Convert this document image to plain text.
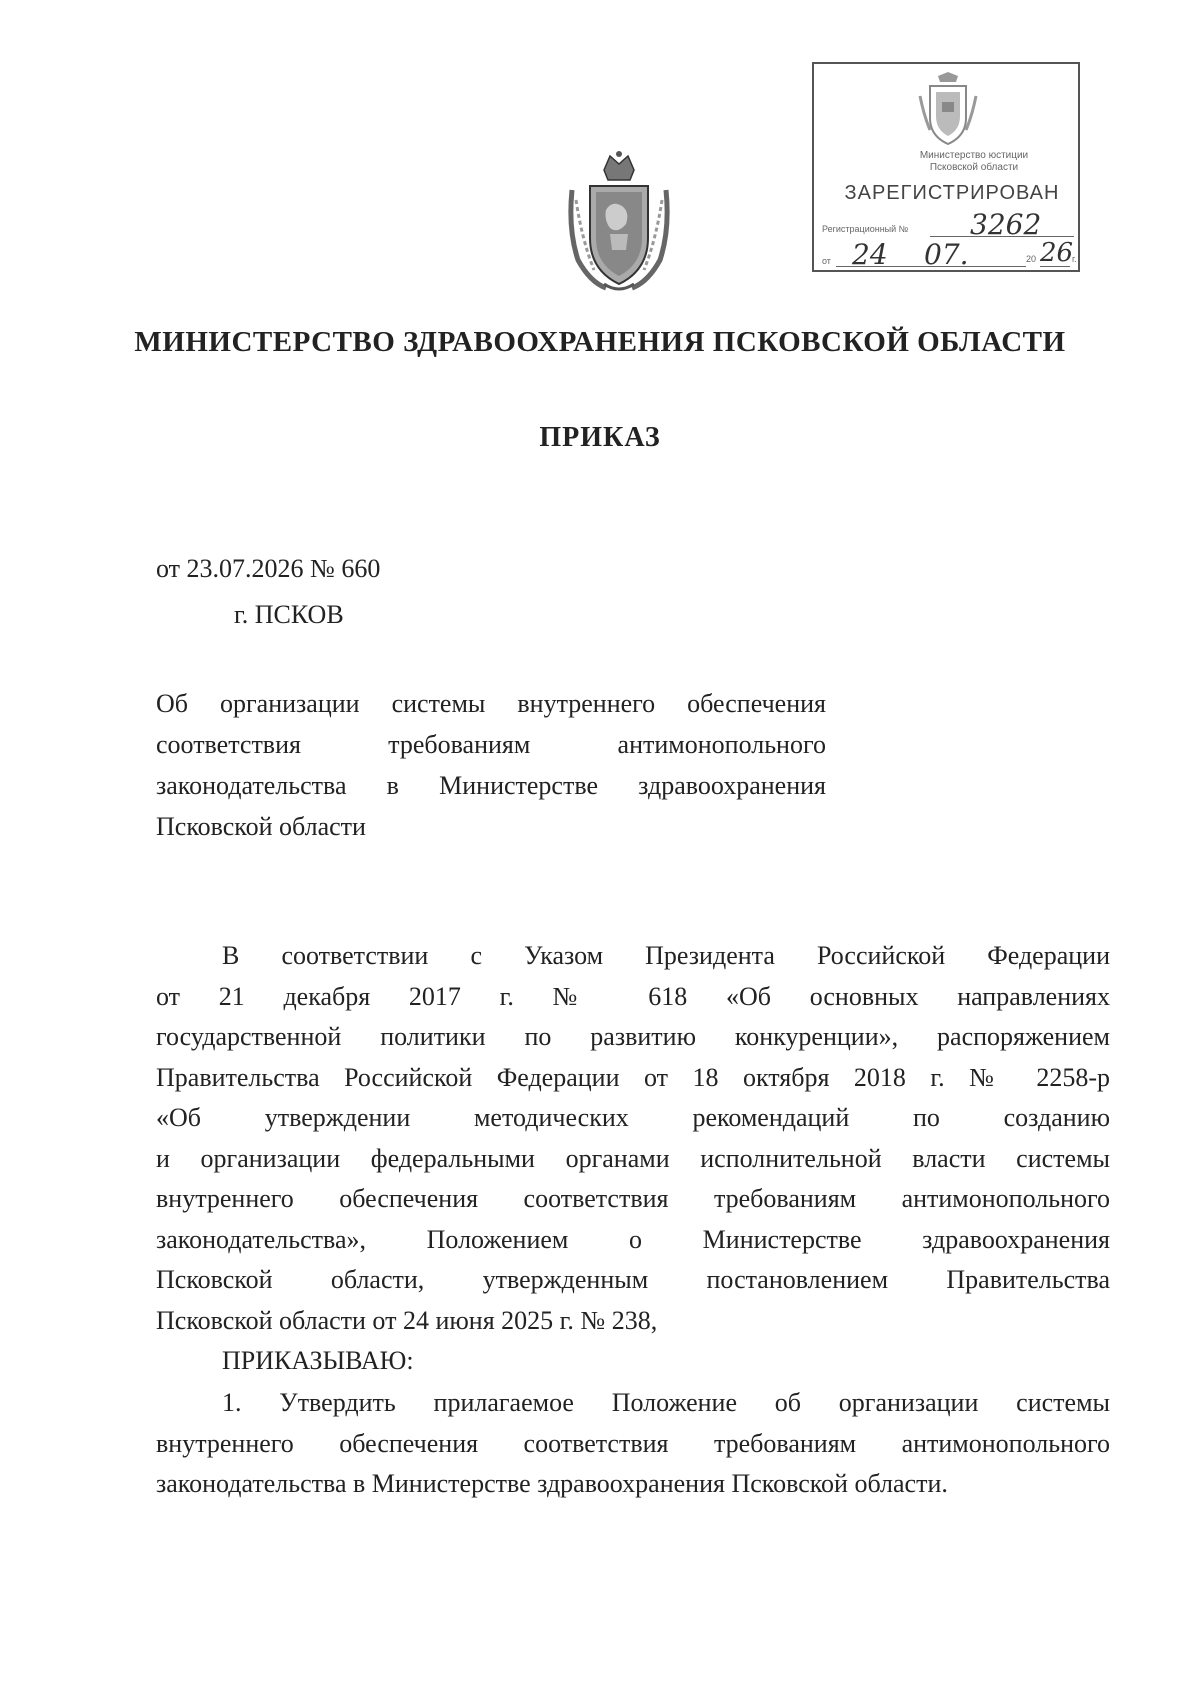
Министерство юстиции
Псковской области
ЗАРЕГИСТРИРОВАН
Регистрационный № 3262
от 24 07.	20 26
г.
МИНИСТЕРСТВО ЗДРАВООХРАНЕНИЯ ПСКОВСКОЙ ОБЛАСТИ
ПРИКАЗ
от 23.07.2026 № 660
г. ПСКОВ
Об организации системы внутреннего обеспечения
соответствия требованиям антимонопольного
законодательства в Министерстве здравоохранения
Псковской области
В соответствии с Указом Президента Российской Федерации
от 21 декабря 2017 г. № 618 «Об основных направлениях
государственной политики по развитию конкуренции», распоряжением
Правительства Российской Федерации от 18 октября 2018 г. № 2258-р
«Об утверждении методических рекомендаций по созданию
и организации федеральными органами исполнительной власти системы
внутреннего обеспечения соответствия требованиям антимонопольного
законодательства», Положением о Министерстве здравоохранения
Псковской области, утвержденным постановлением Правительства
Псковской области от 24 июня 2025 г. № 238,
ПРИКАЗЫВАЮ:
1. Утвердить прилагаемое Положение об организации системы
внутреннего обеспечения соответствия требованиям антимонопольного
законодательства в Министерстве здравоохранения Псковской области.
